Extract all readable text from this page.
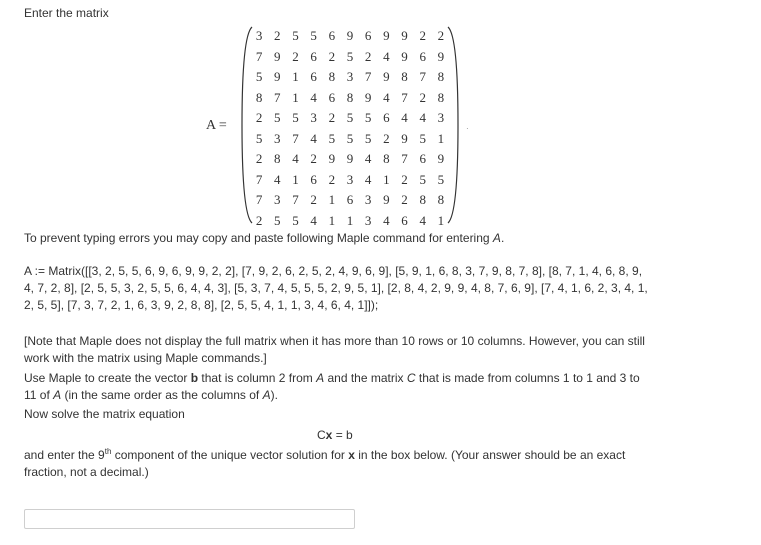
Enter the matrix
A =
3 2 5 5 6 9 6 9 9 2 2
7 9 2 6 2 5 2 4 9 6 9
5 9 1 6 8 3 7 9 8 7 8
8 7 1 4 6 8 9 4 7 2 8
2 5 5 3 2 5 5 6 4 4 3
5 3 7 4 5 5 5 2 9 5 1
2 8 4 2 9 9 4 8 7 6 9
7 4 1 6 2 3 4 1 2 5 5
7 3 7 2 1 6 3 9 2 8 8
2 5 5 4 1 1 3 4 6 4 1
·
To prevent typing errors you may copy and paste following Maple command for entering A.
A := Matrix([[3, 2, 5, 5, 6, 9, 6, 9, 9, 2, 2], [7, 9, 2, 6, 2, 5, 2, 4, 9, 6, 9], [5, 9, 1, 6, 8, 3, 7, 9, 8, 7, 8], [8, 7, 1, 4, 6, 8, 9, 4, 7, 2, 8], [2, 5, 5, 3, 2, 5, 5, 6, 4, 4, 3], [5, 3, 7, 4, 5, 5, 5, 2, 9, 5, 1], [2, 8, 4, 2, 9, 9, 4, 8, 7, 6, 9], [7, 4, 1, 6, 2, 3, 4, 1, 2, 5, 5], [7, 3, 7, 2, 1, 6, 3, 9, 2, 8, 8], [2, 5, 5, 4, 1, 1, 3, 4, 6, 4, 1]]);
[Note that Maple does not display the full matrix when it has more than 10 rows or 10 columns. However, you can still work with the matrix using Maple commands.]
Use Maple to create the vector b that is column 2 from A and the matrix C that is made from columns 1 to 1 and 3 to 11 of A (in the same order as the columns of A).
Now solve the matrix equation
Cx = b
and enter the 9th component of the unique vector solution for x in the box below. (Your answer should be an exact fraction, not a decimal.)
